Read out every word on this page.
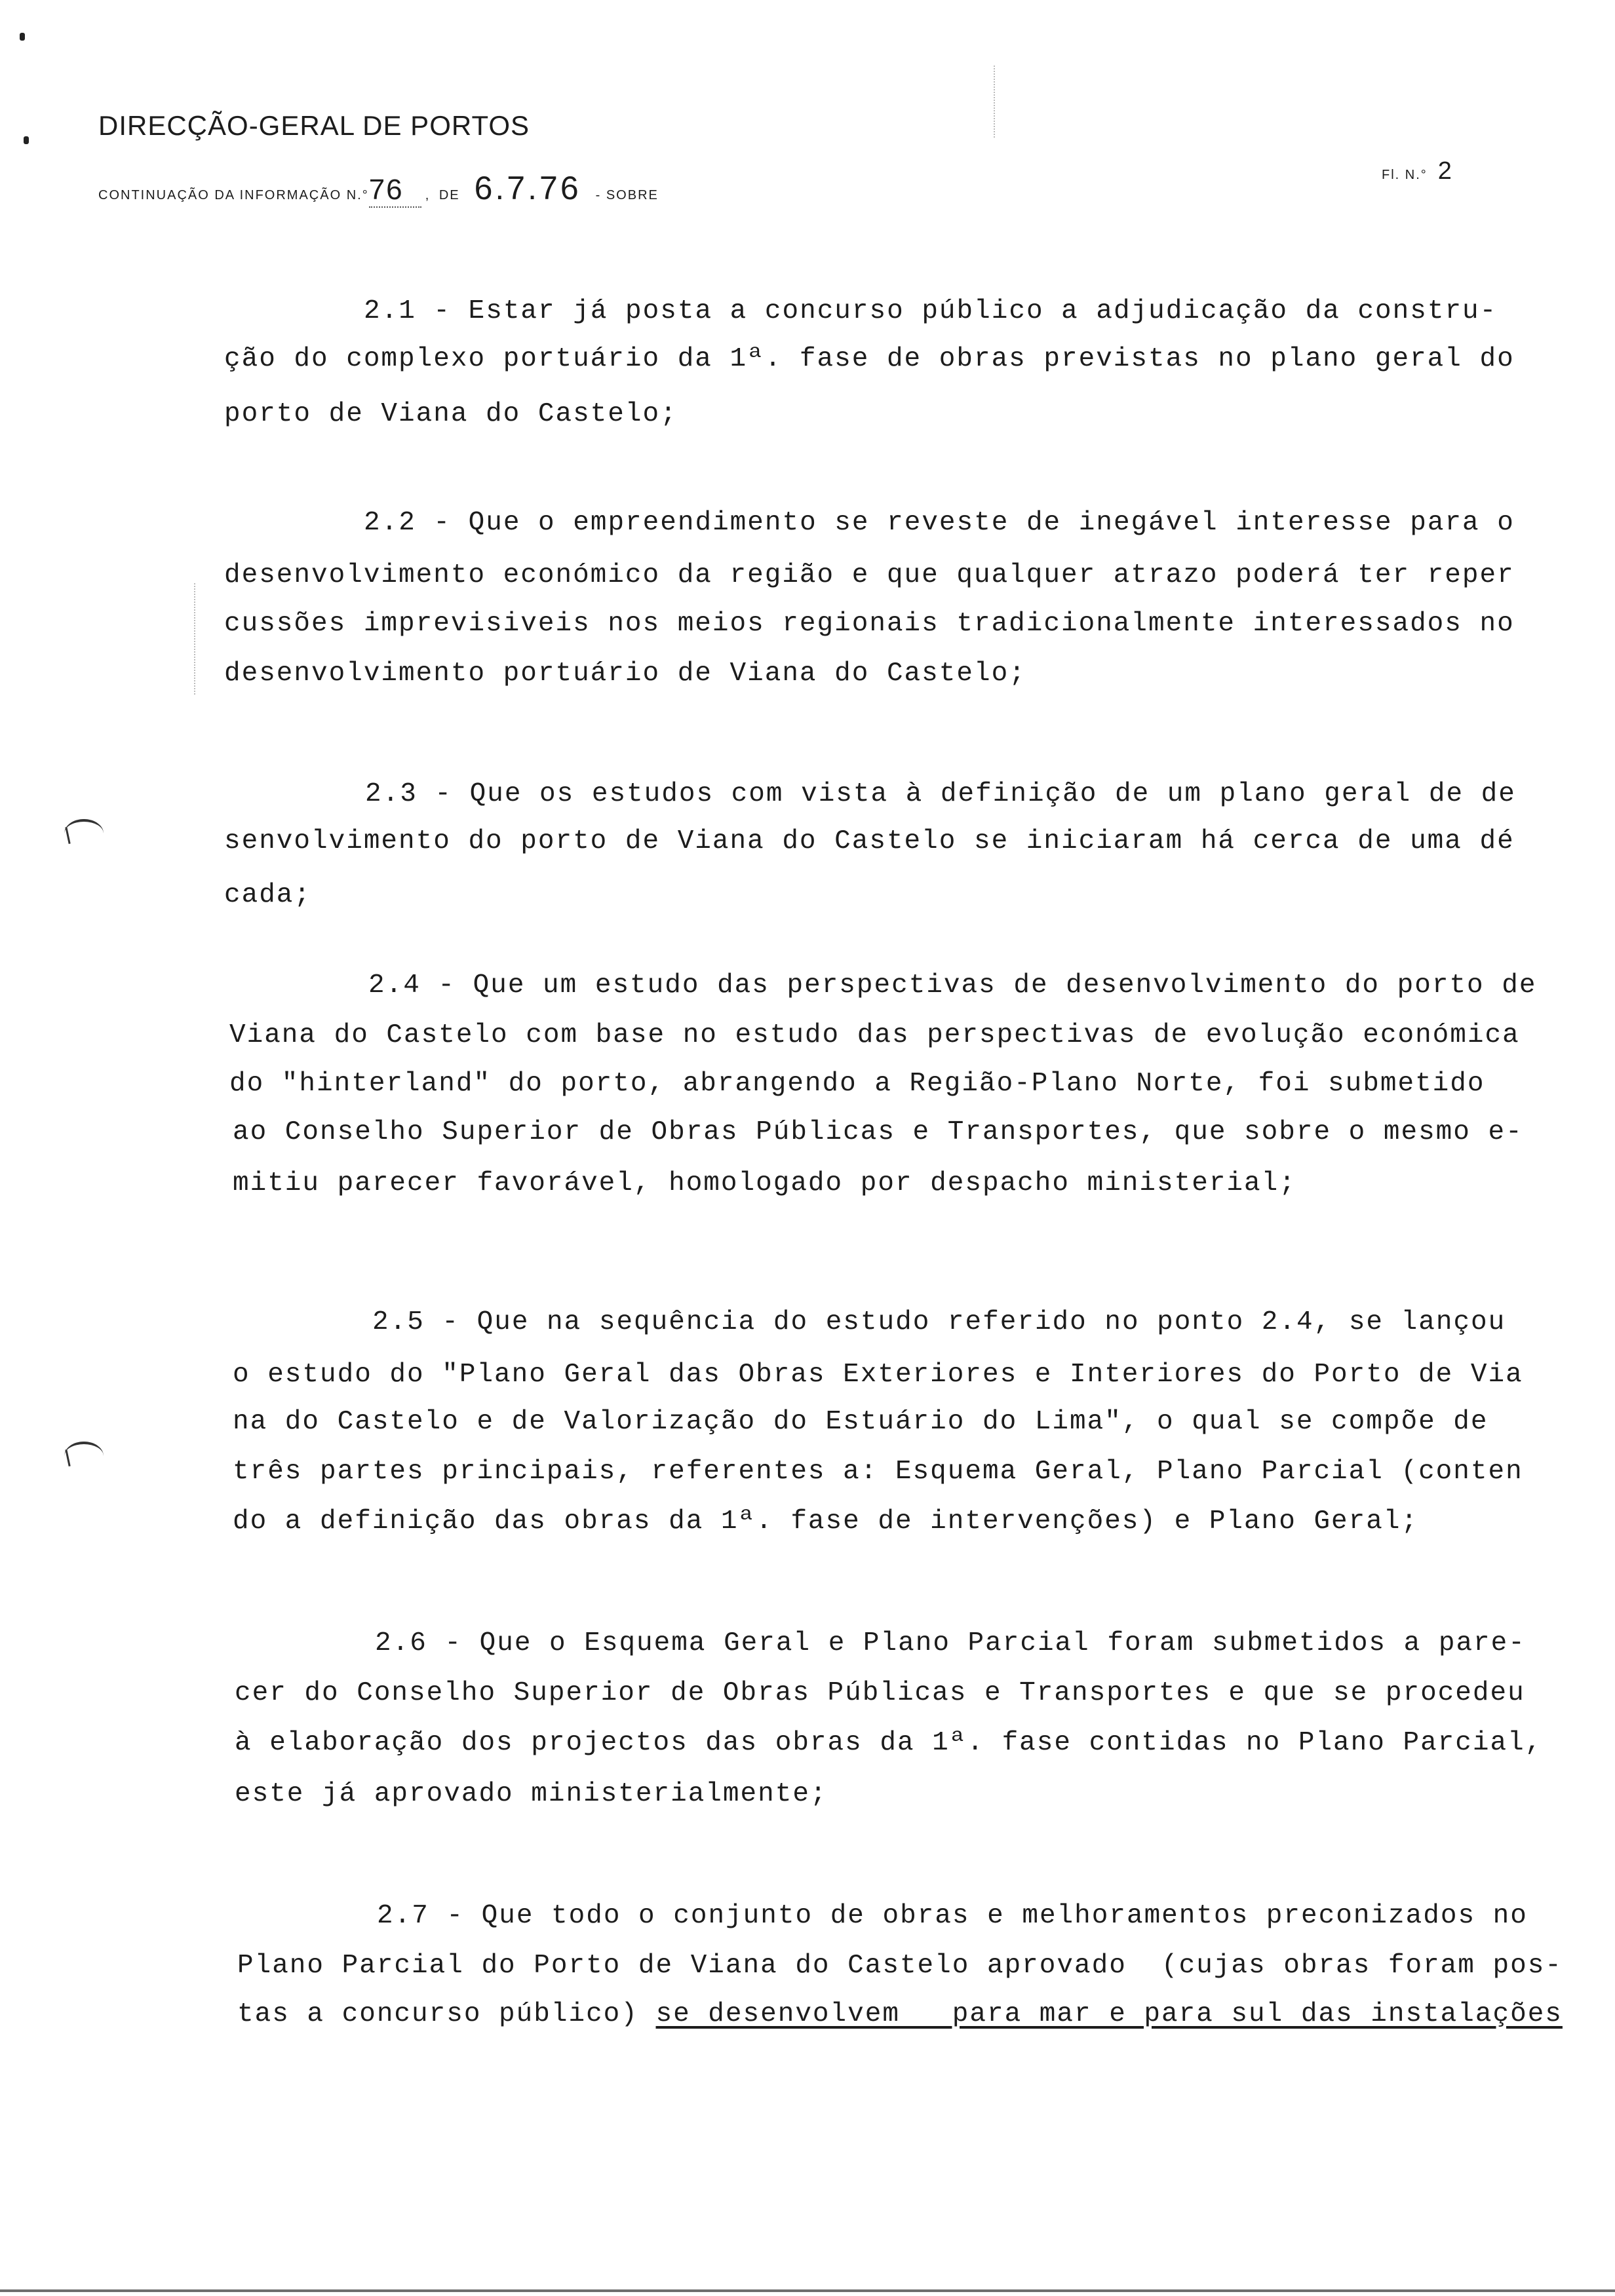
DIRECÇÃO-GERAL DE PORTOS
CONTINUAÇÃO DA INFORMAÇÃO N.°76 , DE 6.7.76 - SOBRE
Fl. N.° 2
2.1 - Estar já posta a concurso público a adjudicação da constru-
ção do complexo portuário da 1ª. fase de obras previstas no plano geral do
porto de Viana do Castelo;
2.2 - Que o empreendimento se reveste de inegável interesse para o
desenvolvimento económico da região e que qualquer atrazo poderá ter reper
cussões imprevisiveis nos meios regionais tradicionalmente interessados no
desenvolvimento portuário de Viana do Castelo;
2.3 - Que os estudos com vista à definição de um plano geral de de
senvolvimento do porto de Viana do Castelo se iniciaram há cerca de uma dé
cada;
2.4 - Que um estudo das perspectivas de desenvolvimento do porto de
Viana do Castelo com base no estudo das perspectivas de evolução económica
do "hinterland" do porto, abrangendo a Região-Plano Norte, foi submetido
ao Conselho Superior de Obras Públicas e Transportes, que sobre o mesmo e-
mitiu parecer favorável, homologado por despacho ministerial;
2.5 - Que na sequência do estudo referido no ponto 2.4, se lançou
o estudo do "Plano Geral das Obras Exteriores e Interiores do Porto de Via
na do Castelo e de Valorização do Estuário do Lima", o qual se compõe de
três partes principais, referentes a: Esquema Geral, Plano Parcial (conten
do a definição das obras da 1ª. fase de intervenções) e Plano Geral;
2.6 - Que o Esquema Geral e Plano Parcial foram submetidos a pare-
cer do Conselho Superior de Obras Públicas e Transportes e que se procedeu
à elaboração dos projectos das obras da 1ª. fase contidas no Plano Parcial,
este já aprovado ministerialmente;
2.7 - Que todo o conjunto de obras e melhoramentos preconizados no
Plano Parcial do Porto de Viana do Castelo aprovado  (cujas obras foram pos-
tas a concurso público) se desenvolvem   para mar e para sul das instalações
